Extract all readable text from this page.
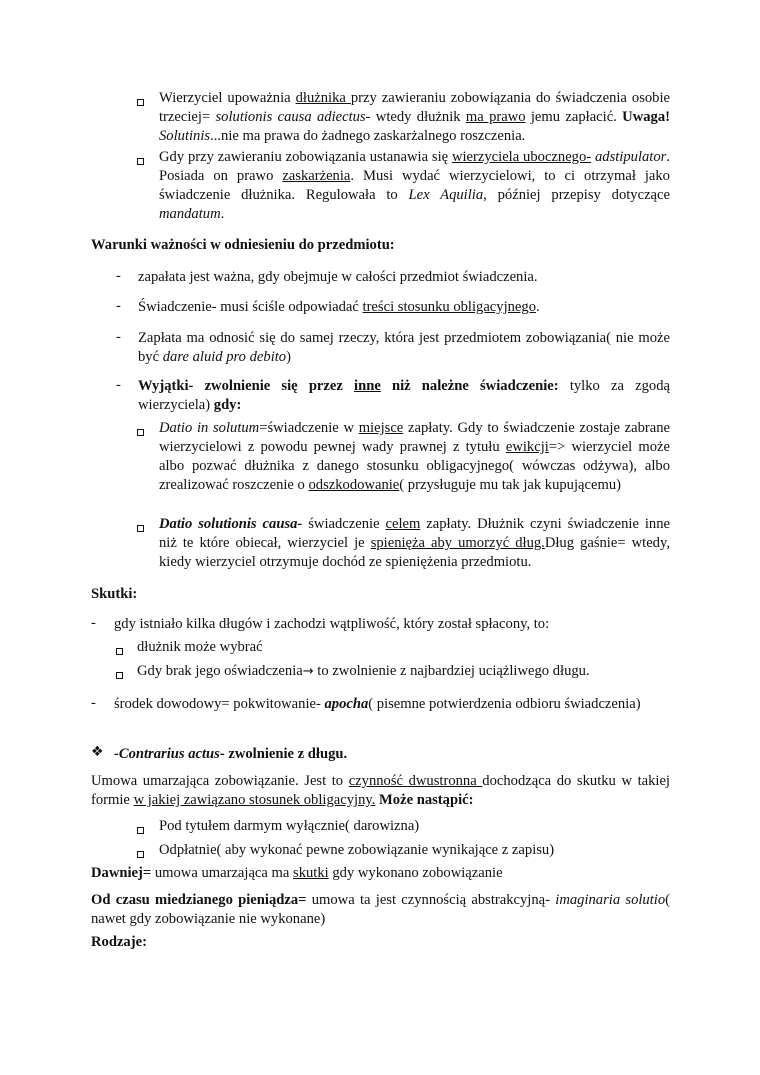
Wierzyciel upoważnia dłużnika przy zawieraniu zobowiązania do świadczenia osobie trzeciej= solutionis causa adiectus- wtedy dłużnik ma prawo jemu zapłacić. Uwaga! Solutinis...nie ma prawa do żadnego zaskarżalnego roszczenia.

Gdy przy zawieraniu zobowiązania ustanawia się wierzyciela ubocznego- adstipulator. Posiada on prawo zaskarżenia. Musi wydać wierzycielowi, to ci otrzymał jako świadczenie dłużnika. Regulowała to Lex Aquilia, później przepisy dotyczące mandatum.

Warunki ważności w odniesieniu do przedmiotu:

- zapałata jest ważna, gdy obejmuje w całości przedmiot świadczenia.

- Świadczenie- musi ściśle odpowiadać treści stosunku obligacyjnego.

- Zapłata ma odnosić się do samej rzeczy, która jest przedmiotem zobowiązania( nie może być dare aluid pro debito)

- Wyjątki- zwolnienie się przez inne niż należne świadczenie: tylko za zgodą wierzyciela) gdy:

Datio in solutum=świadczenie w miejsce zapłaty. Gdy to świadczenie zostaje zabrane wierzycielowi z powodu pewnej wady prawnej z tytułu ewikcji=> wierzyciel może albo pozwać dłużnika z danego stosunku obligacyjnego( wówczas odżywa), albo zrealizować roszczenie o odszkodowanie( przysługuje mu tak jak kupującemu)

Datio solutionis causa- świadczenie celem zapłaty. Dłużnik czyni świadczenie inne niż te które obiecał, wierzyciel je spienięża aby umorzyć dług.Dług gaśnie= wtedy, kiedy wierzyciel otrzymuje dochód ze spieniężenia przedmiotu.

Skutki:

- gdy istniało kilka długów i zachodzi wątpliwość, który został spłacony, to:

dłużnik może wybrać

Gdy brak jego oświadczenia→ to zwolnienie z najbardziej uciążliwego długu.

- środek dowodowy= pokwitowanie- apocha( pisemne potwierdzenia odbioru świadczenia)

❖ -Contrarius actus- zwolnienie z długu.

Umowa umarzająca zobowiązanie. Jest to czynność dwustronna dochodząca do skutku w takiej formie w jakiej zawiązano stosunek obligacyjny. Może nastąpić:

Pod tytułem darmym wyłącznie( darowizna)

Odpłatnie( aby wykonać pewne zobowiązanie wynikające z zapisu)

Dawniej= umowa umarzająca ma skutki gdy wykonano zobowiązanie

Od czasu miedzianego pieniądza= umowa ta jest czynnością abstrakcyjną- imaginaria solutio( nawet gdy zobowiązanie nie wykonane)

Rodzaje:
